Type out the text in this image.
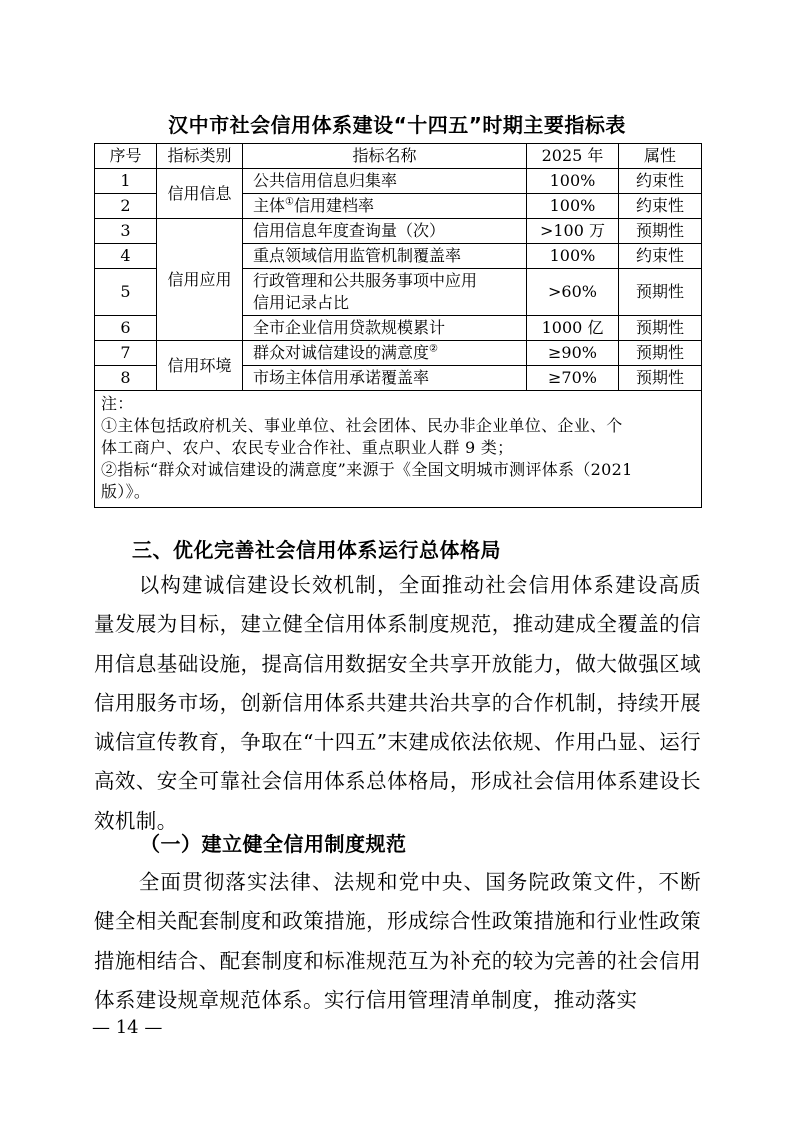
汉中市社会信用体系建设“十四五”时期主要指标表
序号	指标类别	指标名称	2025 年	属性
1	信用信息	公共信用信息归集率	100%	约束性
2		主体①信用建档率	100%	约束性
3	信用应用	信用信息年度查询量（次）	>100 万	预期性
4		重点领域信用监管机制覆盖率	100%	约束性
5		行政管理和公共服务事项中应用
信用记录占比	>60%	预期性
6		全市企业信用贷款规模累计	1000 亿	预期性
7	信用环境	群众对诚信建设的满意度②	≥90%	预期性
8		市场主体信用承诺覆盖率	≥70%	预期性

注：
①主体包括政府机关、事业单位、社会团体、民办非企业单位、企业、个
体工商户、农户、农民专业合作社、重点职业人群 9 类；
②指标“群众对诚信建设的满意度”来源于《全国文明城市测评体系（2021
版）》。				
三、优化完善社会信用体系运行总体格局
以构建诚信建设长效机制，全面推动社会信用体系建设高质量发展为目标，建立健全信用体系制度规范，推动建成全覆盖的信用信息基础设施，提高信用数据安全共享开放能力，做大做强区域信用服务市场，创新信用体系共建共治共享的合作机制，持续开展诚信宣传教育，争取在“十四五”末建成依法依规、作用凸显、运行高效、安全可靠社会信用体系总体格局，形成社会信用体系建设长效机制。
（一）建立健全信用制度规范
全面贯彻落实法律、法规和党中央、国务院政策文件，不断健全相关配套制度和政策措施，形成综合性政策措施和行业性政策措施相结合、配套制度和标准规范互为补充的较为完善的社会信用体系建设规章规范体系。实行信用管理清单制度，推动落实
— 14 —
